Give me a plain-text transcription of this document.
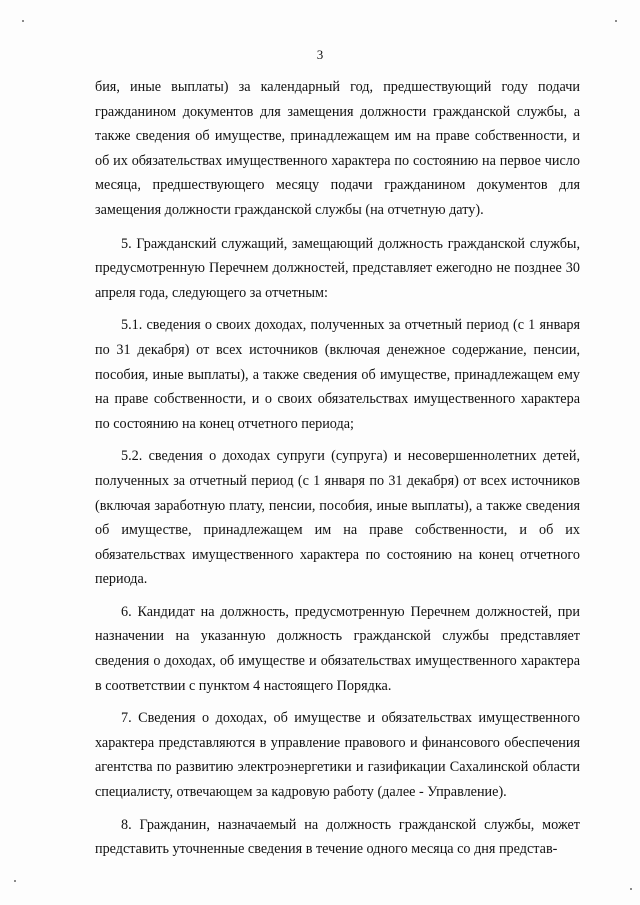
3

бия, иные выплаты) за календарный год, предшествующий году подачи гражданином документов для замещения должности гражданской службы, а также сведения об имуществе, принадлежащем им на праве собственности, и об их обязательствах имущественного характера по состоянию на первое число месяца, предшествующего месяцу подачи гражданином документов для замещения должности гражданской службы (на отчетную дату).

5. Гражданский служащий, замещающий должность гражданской службы, предусмотренную Перечнем должностей, представляет ежегодно не позднее 30 апреля года, следующего за отчетным:

5.1. сведения о своих доходах, полученных за отчетный период (с 1 января по 31 декабря) от всех источников (включая денежное содержание, пенсии, пособия, иные выплаты), а также сведения об имуществе, принадлежащем ему на праве собственности, и о своих обязательствах имущественного характера по состоянию на конец отчетного периода;

5.2. сведения о доходах супруги (супруга) и несовершеннолетних детей, полученных за отчетный период (с 1 января по 31 декабря) от всех источников (включая заработную плату, пенсии, пособия, иные выплаты), а также сведения об имуществе, принадлежащем им на праве собственности, и об их обязательствах имущественного характера по состоянию на конец отчетного периода.

6. Кандидат на должность, предусмотренную Перечнем должностей, при назначении на указанную должность гражданской службы представляет сведения о доходах, об имуществе и обязательствах имущественного характера в соответствии с пунктом 4 настоящего Порядка.

7. Сведения о доходах, об имуществе и обязательствах имущественного характера представляются в управление правового и финансового обеспечения агентства по развитию электроэнергетики и газификации Сахалинской области специалисту, отвечающем за кадровую работу (далее - Управление).

8. Гражданин, назначаемый на должность гражданской службы, может представить уточненные сведения в течение одного месяца со дня представ-
